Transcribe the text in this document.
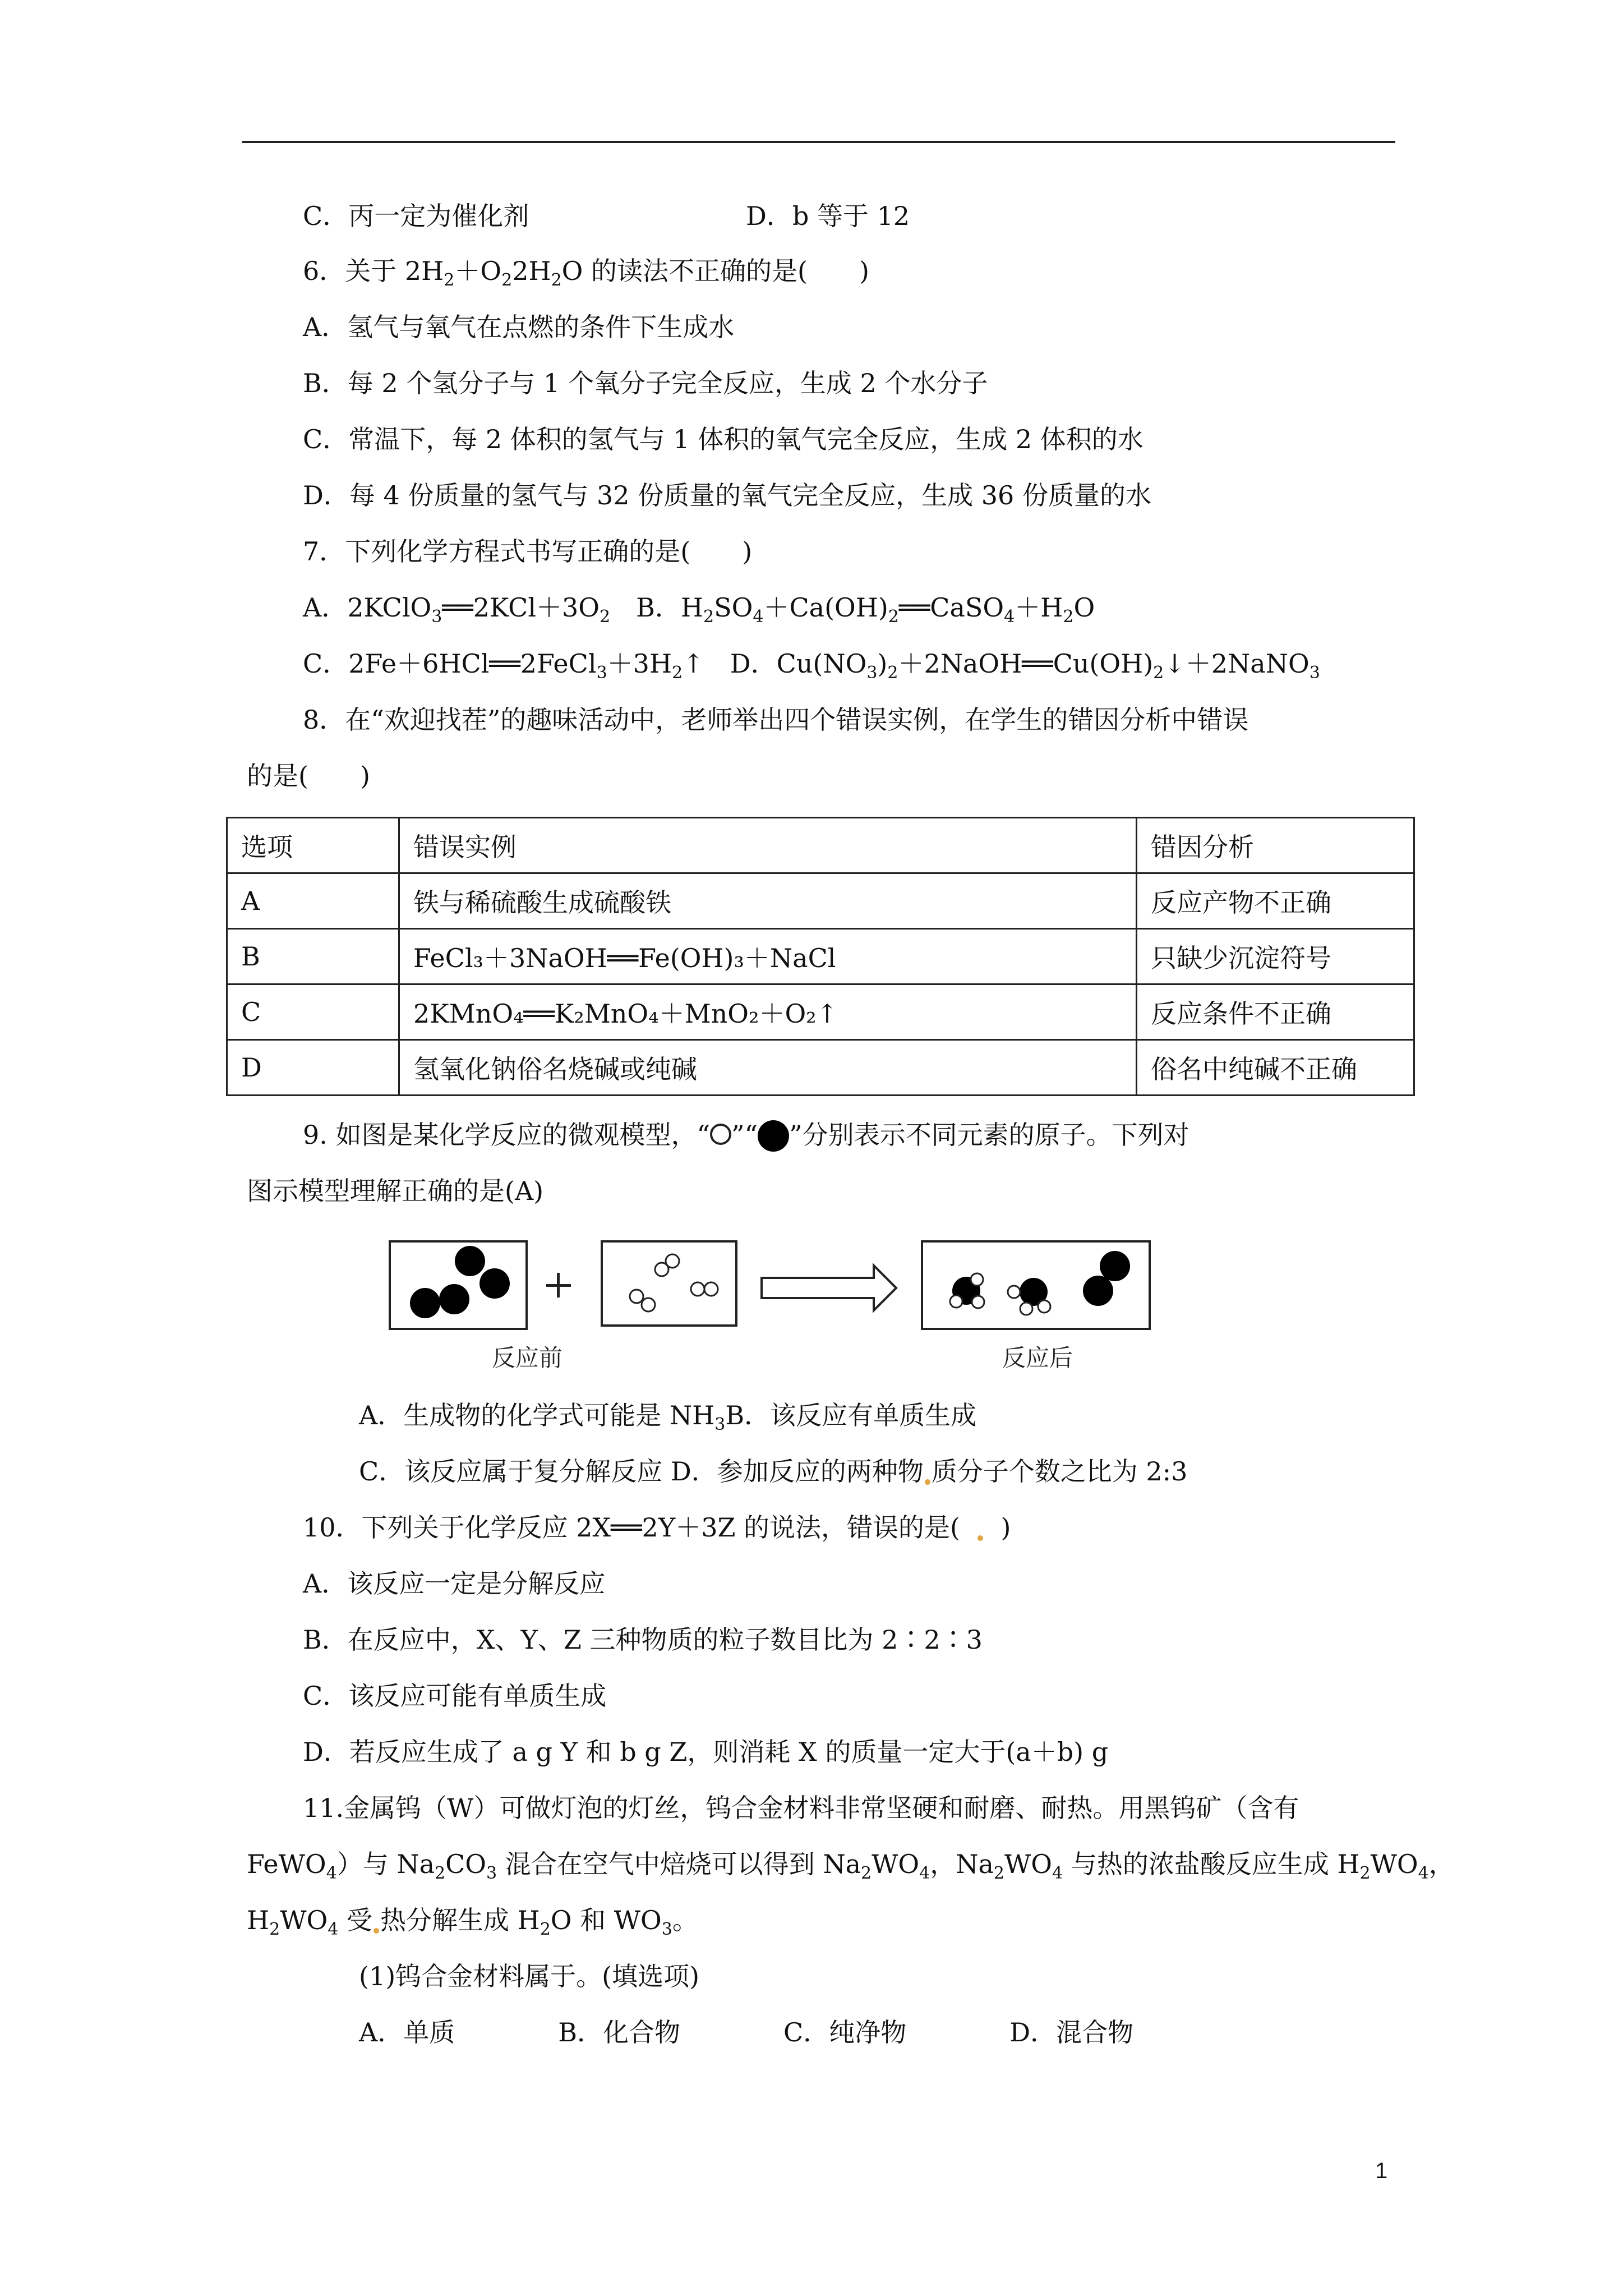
C．丙一定为催化剂	D．b 等于 12
6．关于 $2H_2+O_22H_2O$ 的读法不正确的是(　　)
A．氢气与氧气在点燃的条件下生成水
B．每 2 个氢分子与 1 个氧分子完全反应，生成 2 个水分子
C．常温下，每 2 体积的氢气与 1 体积的氧气完全反应，生成 2 体积的水
D．每 4 份质量的氢气与 32 份质量的氧气完全反应，生成 36 份质量的水
7．下列化学方程式书写正确的是(　　)
A．$2KClO_3══2KCl+3O_2$　B．$H_2SO_4+Ca(OH)_2══CaSO_4+H_2O$
C．$2Fe+6HCl══2FeCl_3+3H_2↑$　D．$Cu(NO_3)_2+2NaOH══Cu(OH)_2↓+2NaNO_3$
8．在“欢迎找茬”的趣味活动中，老师举出四个错误实例，在学生的错因分析中错误
的是(　　)
选项	错误实例	错因分析
A	铁与稀硫酸生成硫酸铁	反应产物不正确
B	FeCl₃＋3NaOH══Fe(OH)₃＋NaCl	只缺少沉淀符号
C	2KMnO₄══K₂MnO₄＋MnO₂＋O₂↑	反应条件不正确
D	氢氧化钠俗名烧碱或纯碱	俗名中纯碱不正确
9. 如图是某化学反应的微观模型，“ ”“ ”分别表示不同元素的原子。下列对
图示模型理解正确的是(A)
反应前	反应后
A．生成物的化学式可能是 $NH_3B$．该反应有单质生成
C．该反应属于复分解反应 D．参加反应的两种物 质分子个数之比为 2:3
10．下列关于化学反应 2X══2Y＋3Z 的说法，错误的是( )
A．该反应一定是分解反应
B．在反应中，X、Y、Z 三种物质的粒子数目比为 2∶2∶3
C．该反应可能有单质生成
D．若反应生成了 a g Y 和 b g Z，则消耗 X 的质量一定大于(a＋b) g
11.金属钨（W）可做灯泡的灯丝，钨合金材料非常坚硬和耐磨、耐热。用黑钨矿（含有
FeWO$_4$）与 $Na_2CO_3$ 混合在空气中焙烧可以得到 $Na_2WO_4$，$Na_2WO_4$ 与热的浓盐酸反应生成 $H_2WO_4$，
$H_2WO_4$ 受 热分解生成 $H_2O$ 和 $WO_3$。
(1)钨合金材料属于。(填选项)
A．单质　　　　B．化合物　　　　C．纯净物　　　　D．混合物
1
